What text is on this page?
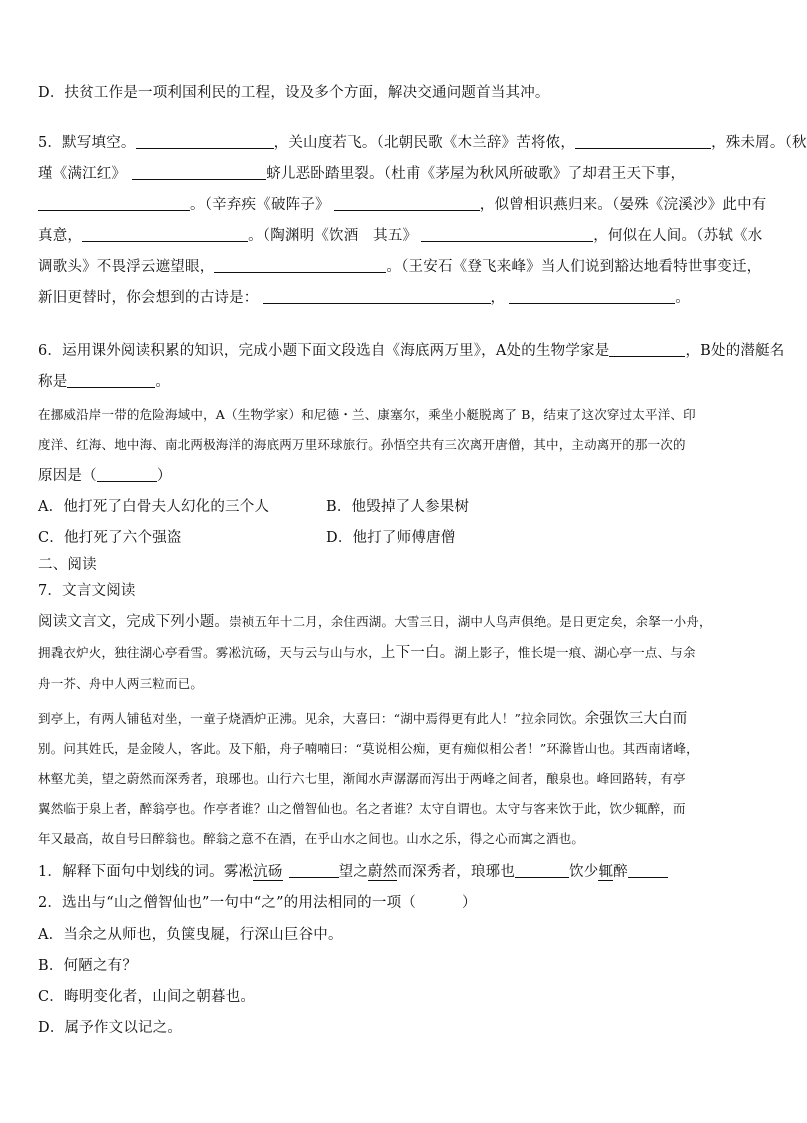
D．扶贫工作是一项利国利民的工程，设及多个方面，解决交通问题首当其冲。
5．默写填空。	，关山度若飞。（北朝民歌《木兰辞》苦将侬，	，殊未屑。（秋
瑾《满江红》	蛴儿恶卧踏里裂。（杜甫《茅屋为秋风所破歌》了却君王天下事，
。（辛弃疾《破阵子》	，似曾相识燕归来。（晏殊《浣溪沙》此中有
真意，	。（陶渊明《饮酒　其五》	，何似在人间。（苏轼《水
调歌头》不畏浮云遮望眼，	。（王安石《登飞来峰》当人们说到豁达地看特世事变迁，
新旧更替时，你会想到的古诗是：	，	。
6．运用课外阅读积累的知识，完成小题下面文段选自《海底两万里》，A处的生物学家是	，B处的潜艇名
称是	。
在挪威沿岸一带的危险海域中，A（生物学家）和尼德・兰、康塞尔，乘坐小艇脱离了 B，结束了这次穿过太平洋、印
度洋、红海、地中海、南北两极海洋的海底两万里环球旅行。孙悟空共有三次离开唐僧，其中，主动离开的那一次的
原因是（	）
A．他打死了白骨夫人幻化的三个人	B．他毁掉了人参果树
C．他打死了六个强盗	D．他打了师傅唐僧
二、阅读
7．文言文阅读
阅读文言文，完成下列小题。崇祯五年十二月，余住西湖。大雪三日，湖中人鸟声俱绝。是日更定矣，余拏一小舟，
拥毳衣炉火，独往湖心亭看雪。雾凇沆砀，天与云与山与水，上下一白。湖上影子，惟长堤一痕、湖心亭一点、与余
舟一芥、舟中人两三粒而已。
到亭上，有两人铺毡对坐，一童子烧酒炉正沸。见余，大喜曰：“湖中焉得更有此人！”拉余同饮。余强饮三大白而
别。问其姓氏，是金陵人，客此。及下船，舟子喃喃曰：“莫说相公痴，更有痴似相公者！”环滁皆山也。其西南诸峰，
林壑尤美，望之蔚然而深秀者，琅琊也。山行六七里，渐闻水声潺潺而泻出于两峰之间者，酿泉也。峰回路转，有亭
翼然临于泉上者，醉翁亭也。作亭者谁？山之僧智仙也。名之者谁？太守自谓也。太守与客来饮于此，饮少辄醉，而
年又最高，故自号曰醉翁也。醉翁之意不在酒，在乎山水之间也。山水之乐，得之心而寓之酒也。
1．解释下面句中划线的词。雾凇沆砀	望之蔚然而深秀者，琅琊也	饮少辄醉
2．选出与“山之僧智仙也”一句中“之”的用法相同的一项（	）
A．当余之从师也，负箧曳屣，行深山巨谷中。
B．何陋之有？
C．晦明变化者，山间之朝暮也。
D．属予作文以记之。
